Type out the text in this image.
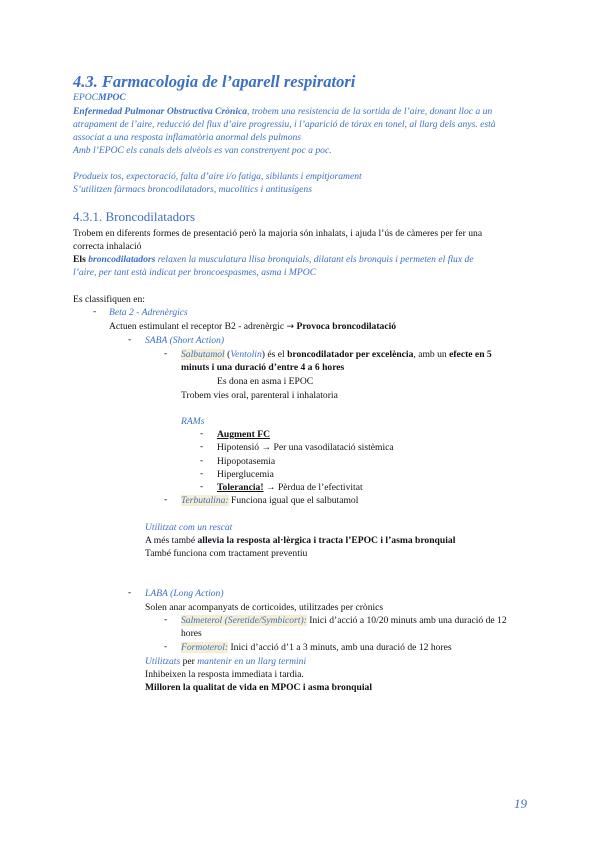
4.3. Farmacologia de l’aparell respiratori
EPOCMPOC
Enfermedad Pulmonar Obstructiva Crònica, trobem una resistencia de la sortida de l’aire, donant lloc a un
atrapament de l’aire, reducció del flux d’aire progressiu, i l’aparició de tórax en tonel, al llarg dels anys. està
associat a una resposta inflamatòria anormal dels pulmons
Amb l’EPOC els canals dels alvèols es van constrenyent poc a poc.
Produeix tos, expectoració, falta d’aire i/o fatiga, sibilants i empitjorament
S’utilitzen fàrmacs broncodilatadors, mucolítics i antitusígens
4.3.1. Broncodilatadors
Trobem en diferents formes de presentació però la majoria són inhalats, i ajuda l’ús de càmeres per fer una
correcta inhalació
Els broncodilatadors relaxen la musculatura llisa bronquials, dilatant els bronquis i permeten el flux de
l’aire, per tant està indicat per broncoespasmes, asma i MPOC
Es classifiquen en:
- Beta 2 - Adrenèrgics
Actuen estimulant el receptor B2 - adrenèrgic → Provoca broncodilatació
- SABA (Short Action)
- Salbutamol (Ventolin) és el broncodilatador per excelència, amb un efecte en 5
minuts i una duració d’entre 4 a 6 hores
Es dona en asma i EPOC
Trobem vies oral, parenteral i inhalatoria
RAMs
- Augment FC
- Hipotensió → Per una vasodilatació sistèmica
- Hipopotasemia
- Hiperglucemia
- Tolerancia! → Pèrdua de l’efectivitat
- Terbutalina: Funciona igual que el salbutamol
Utilitzat com un rescat
A més també allevia la resposta al·lèrgica i tracta l’EPOC i l’asma bronquial
També funciona com tractament preventiu
- LABA (Long Action)
Solen anar acompanyats de corticoides, utilitzades per crònics
- Salmeterol (Seretide/Symbicort): Inici d’acció a 10/20 minuts amb una duració de 12
hores
- Formoterol: Inici d’acció d’1 a 3 minuts, amb una duració de 12 hores
Utilitzats per mantenir en un llarg termini
Inhibeixen la resposta immediata i tardia.
Milloren la qualitat de vida en MPOC i asma bronquial
19
